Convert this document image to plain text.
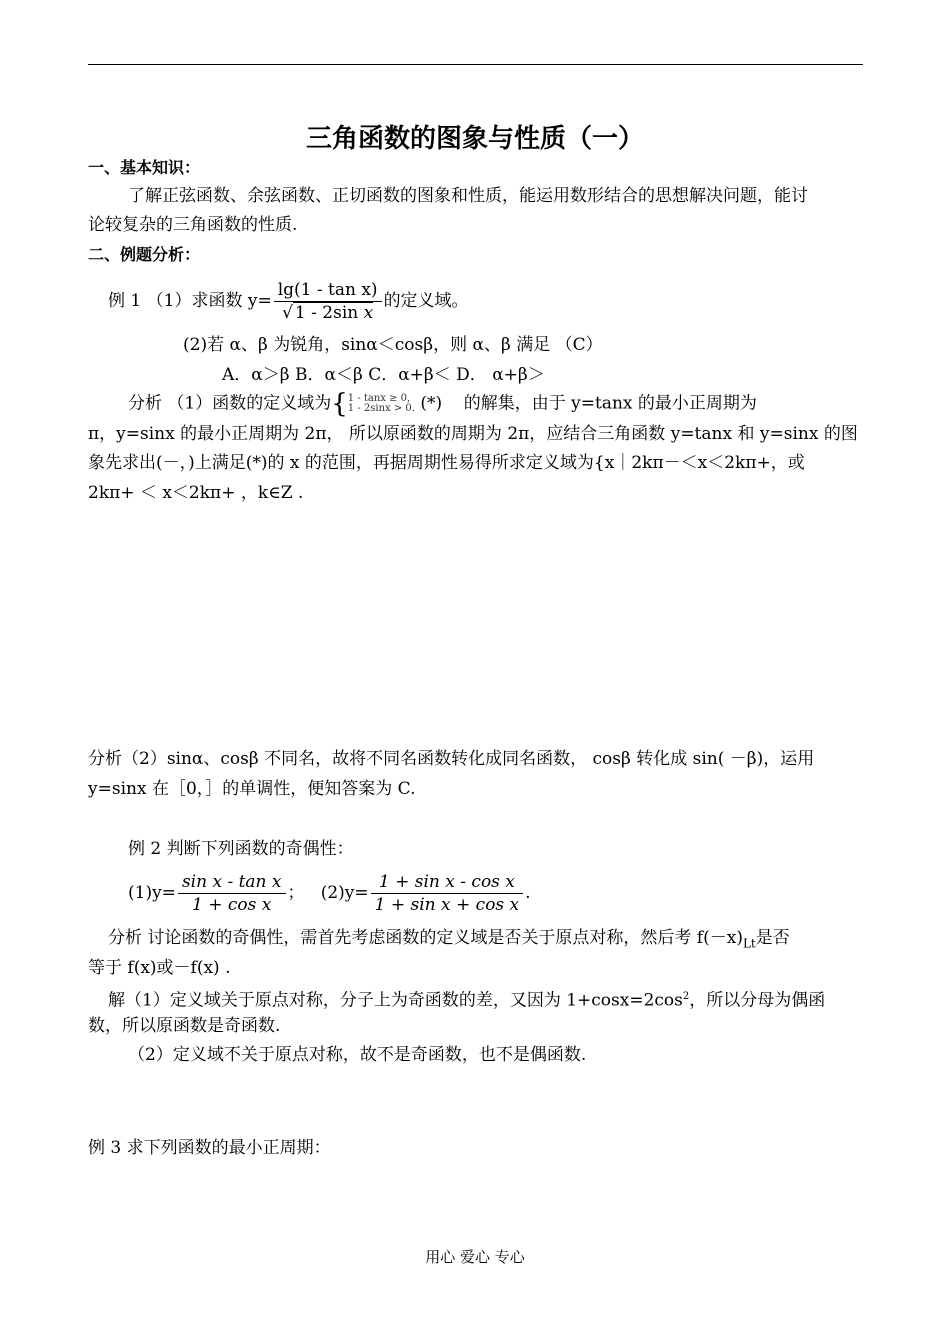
三角函数的图象与性质（一）
一、基本知识：
了解正弦函数、余弦函数、正切函数的图象和性质，能运用数形结合的思想解决问题，能讨
论较复杂的三角函数的性质.
二、例题分析：
例 1 （1）求函数 $y= \frac{\text{lg(1 - tan x)}}{\text{√ 1 - 2sin x}}$ 的定义域。
(2)若 α、β 为锐角，sinα＜cosβ，则 α、β 满足 （C）
A．α＞β B．α＜β C．α+β＜ D． α+β＞
分析 （1）函数的定义域为{ 1 - tanx ≥ 0,
1 - 2sinx > 0. (*) 的解集，由于 y=tanx 的最小正周期为
π，y=sinx 的最小正周期为 2π， 所以原函数的周期为 2π，应结合三角函数 y=tanx 和 y=sinx 的图
象先求出(－，)上满足(*)的 x 的范围，再据周期性易得所求定义域为{x｜2kπ－＜x＜2kπ+，或
2kπ+ ＜ x＜2kπ+ ，k∈Z .
分析（2）sinα、cosβ 不同名，故将不同名函数转化成同名函数， cosβ 转化成 sin( －β)，运用
y=sinx 在［0，］的单调性，便知答案为 C.
例 2 判断下列函数的奇偶性：
$(1)y= \frac{\text{sin x - tan x}}{\text{1 + cos x}}$ ； $(2)y= \frac{\text{1 + sin x - cos x}}{\text{1 + sin x + cos x}}$ .
分析 讨论函数的奇偶性，需首先考虑函数的定义域是否关于原点对称，然后考 $f(-x)_{Lt}$是否
等于 f(x)或－f(x) .
解（1）定义域关于原点对称，分子上为奇函数的差，又因为 $1+\cos x=2\cos^2$，所以分母为偶函
数，所以原函数是奇函数.
（2）定义域不关于原点对称，故不是奇函数，也不是偶函数.
例 3 求下列函数的最小正周期：
用心 爱心 专心
